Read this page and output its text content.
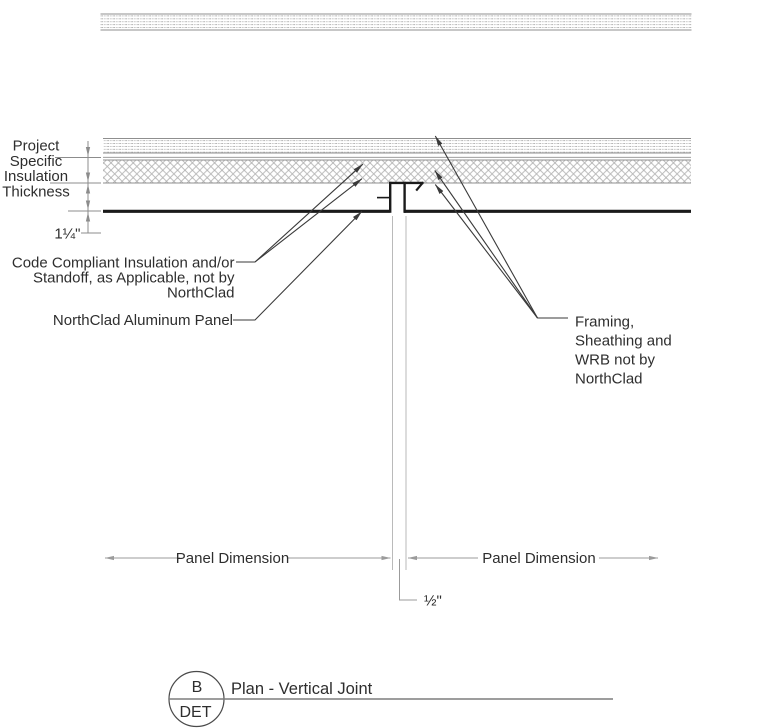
Project
Specific
Insulation
Thickness
1¼"
Code Compliant Insulation and/or
Standoff, as Applicable, not by
NorthClad
NorthClad Aluminum Panel	Framing,
Sheathing and
WRB not by
NorthClad
Panel Dimension	Panel Dimension
½"
B
DET
Plan - Vertical Joint
